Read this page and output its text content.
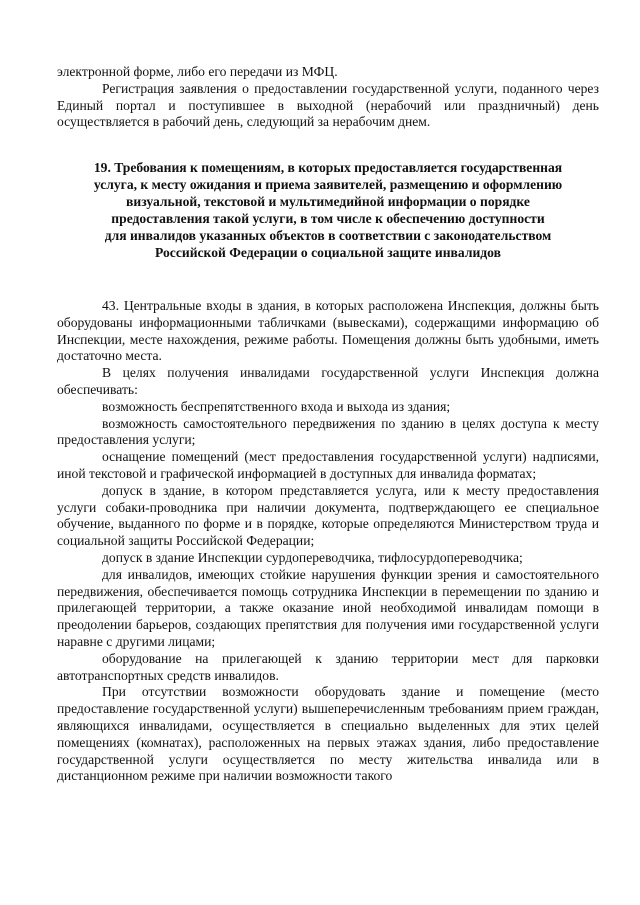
электронной форме, либо его передачи из МФЦ.

Регистрация заявления о предоставлении государственной услуги, поданного через Единый портал и поступившее в выходной (нерабочий или праздничный) день осуществляется в рабочий день, следующий за нерабочим днем.

19. Требования к помещениям, в которых предоставляется государственная
услуга, к месту ожидания и приема заявителей, размещению и оформлению
визуальной, текстовой и мультимедийной информации о порядке
предоставления такой услуги, в том числе к обеспечению доступности
для инвалидов указанных объектов в соответствии с законодательством
Российской Федерации о социальной защите инвалидов

43. Центральные входы в здания, в которых расположена Инспекция, должны быть оборудованы информационными табличками (вывесками), содержащими информацию об Инспекции, месте нахождения, режиме работы. Помещения должны быть удобными, иметь достаточно места.

В целях получения инвалидами государственной услуги Инспекция должна обеспечивать:

возможность беспрепятственного входа и выхода из здания;

возможность самостоятельного передвижения по зданию в целях доступа к месту предоставления услуги;

оснащение помещений (мест предоставления государственной услуги) надписями, иной текстовой и графической информацией в доступных для инвалида форматах;

допуск в здание, в котором представляется услуга, или к месту предоставления услуги собаки-проводника при наличии документа, подтверждающего ее специальное обучение, выданного по форме и в порядке, которые определяются Министерством труда и социальной защиты Российской Федерации;

допуск в здание Инспекции сурдопереводчика, тифлосурдопереводчика;

для инвалидов, имеющих стойкие нарушения функции зрения и самостоятельного передвижения, обеспечивается помощь сотрудника Инспекции в перемещении по зданию и прилегающей территории, а также оказание иной необходимой инвалидам помощи в преодолении барьеров, создающих препятствия для получения ими государственной услуги наравне с другими лицами;

оборудование на прилегающей к зданию территории мест для парковки автотранспортных средств инвалидов.

При отсутствии возможности оборудовать здание и помещение (место предоставление государственной услуги) вышеперечисленным требованиям прием граждан, являющихся инвалидами, осуществляется в специально выделенных для этих целей помещениях (комнатах), расположенных на первых этажах здания, либо предоставление государственной услуги осуществляется по месту жительства инвалида или в дистанционном режиме при наличии возможности такого
